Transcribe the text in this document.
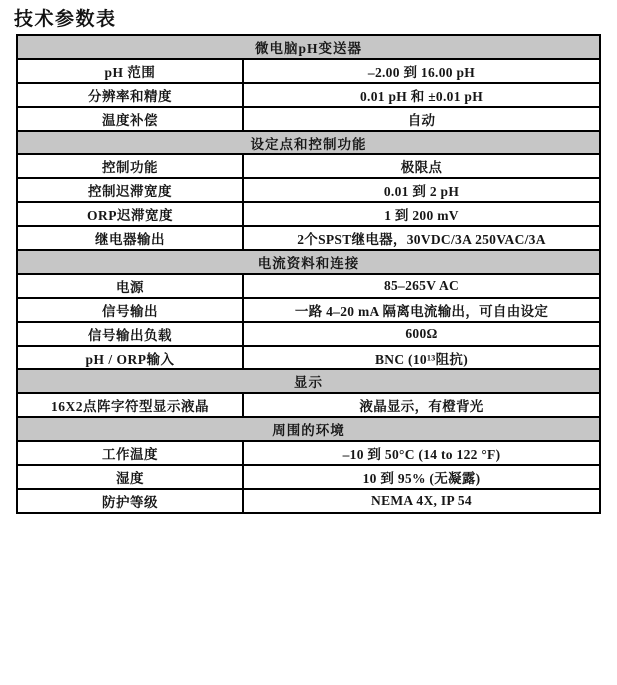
技术参数表
微电脑pH变送器	
pH 范围	–2.00 到 16.00 pH
分辨率和精度	0.01 pH 和 ±0.01 pH
温度补偿	自动
设定点和控制功能	
控制功能	极限点
控制迟滞宽度	0.01 到 2 pH
ORP迟滞宽度	1 到 200 mV
继电器输出	2个SPST继电器，30VDC/3A 250VAC/3A
电流资料和连接	
电源	85–265V AC
信号输出	一路 4–20 mA 隔离电流输出，可自由设定
信号输出负载	600Ω
pH / ORP输入	BNC (10¹³阻抗)
显示	
16X2点阵字符型显示液晶	液晶显示，有橙背光
周围的环境	
工作温度	–10 到 50°C (14 to 122 °F)
湿度	10 到 95% (无凝露)
防护等级	NEMA 4X, IP 54
